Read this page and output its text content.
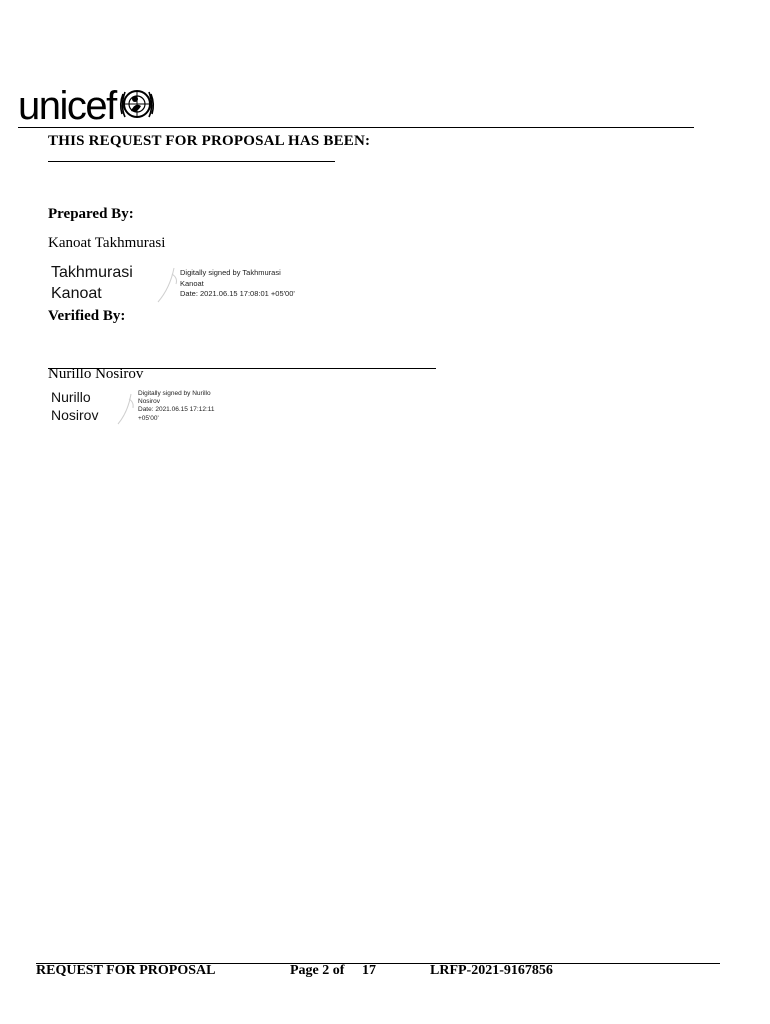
unicef
THIS REQUEST FOR PROPOSAL HAS BEEN:
Prepared By:
Kanoat Takhmurasi
Takhmurasi
Kanoat
Digitally signed by Takhmurasi
Kanoat
Date: 2021.06.15 17:08:01 +05'00'
Verified By:
Nurillo Nosirov
Nurillo
Nosirov
Digitally signed by Nurillo
Nosirov
Date: 2021.06.15 17:12:11
+05'00'
REQUEST FOR PROPOSAL	Page 2 of 17	LRFP-2021-9167856
